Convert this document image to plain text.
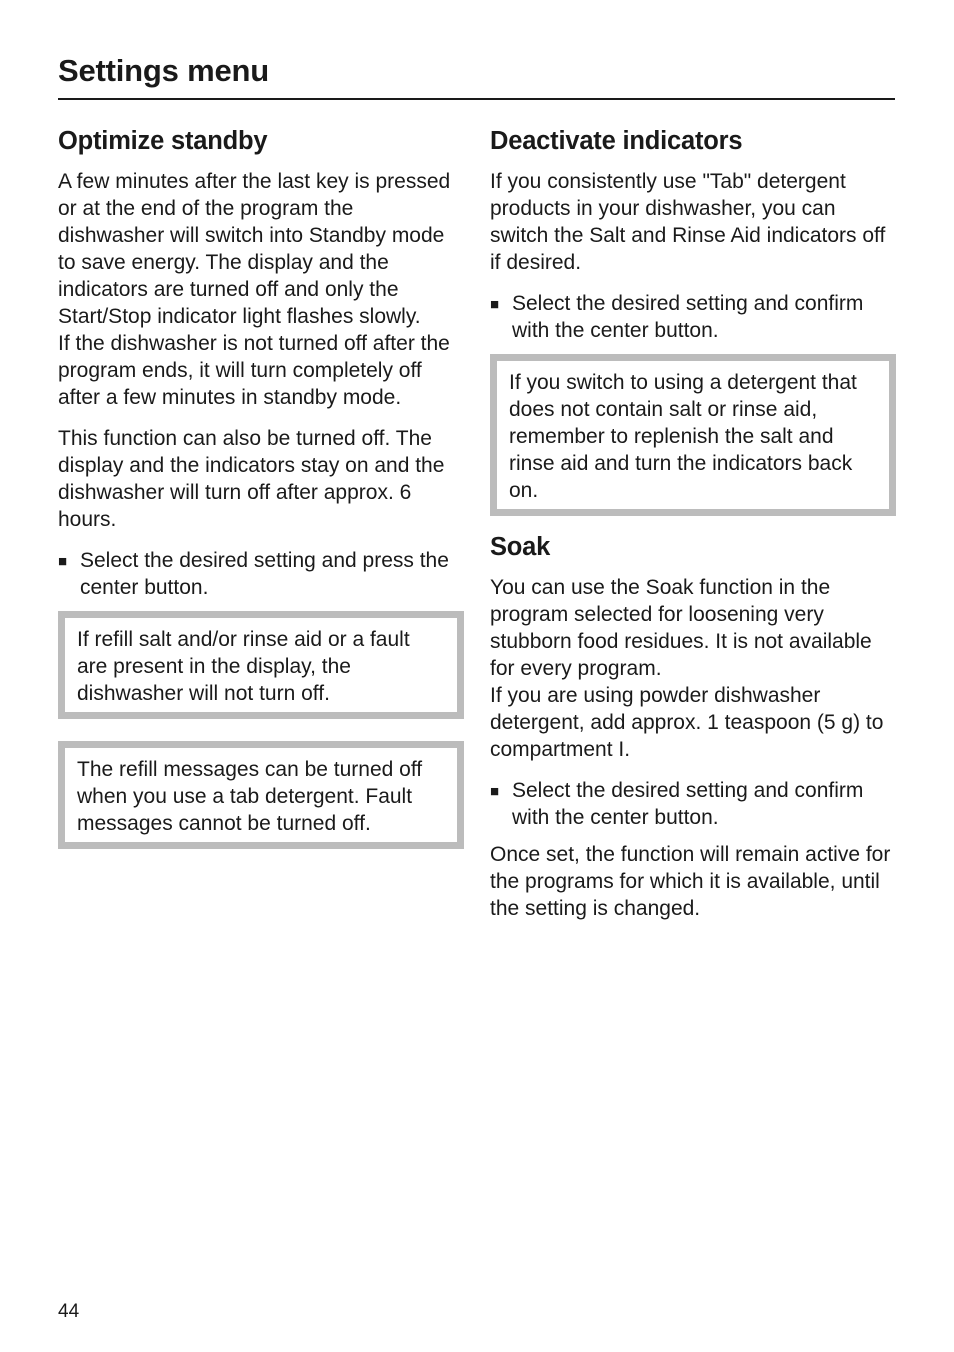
Settings menu
Optimize standby

A few minutes after the last key is pressed or at the end of the program the dishwasher will switch into Standby mode to save energy. The display and the indicators are turned off and only the Start/Stop indicator light flashes slowly.
If the dishwasher is not turned off after the program ends, it will turn completely off after a few minutes in standby mode.

This function can also be turned off. The display and the indicators stay on and the dishwasher will turn off after approx. 6 hours.

■ Select the desired setting and press the center button.
If refill salt and/or rinse aid or a fault are present in the display, the dishwasher will not turn off.
The refill messages can be turned off when you use a tab detergent. Fault messages cannot be turned off.
Deactivate indicators

If you consistently use "Tab" detergent products in your dishwasher, you can switch the Salt and Rinse Aid indicators off if desired.

■ Select the desired setting and confirm with the center button.
If you switch to using a detergent that does not contain salt or rinse aid, remember to replenish the salt and rinse aid and turn the indicators back on.
Soak

You can use the Soak function in the program selected for loosening very stubborn food residues. It is not available for every program.
If you are using powder dishwasher detergent, add approx. 1 teaspoon (5 g) to compartment I.

■ Select the desired setting and confirm with the center button.

Once set, the function will remain active for the programs for which it is available, until the setting is changed.

44
